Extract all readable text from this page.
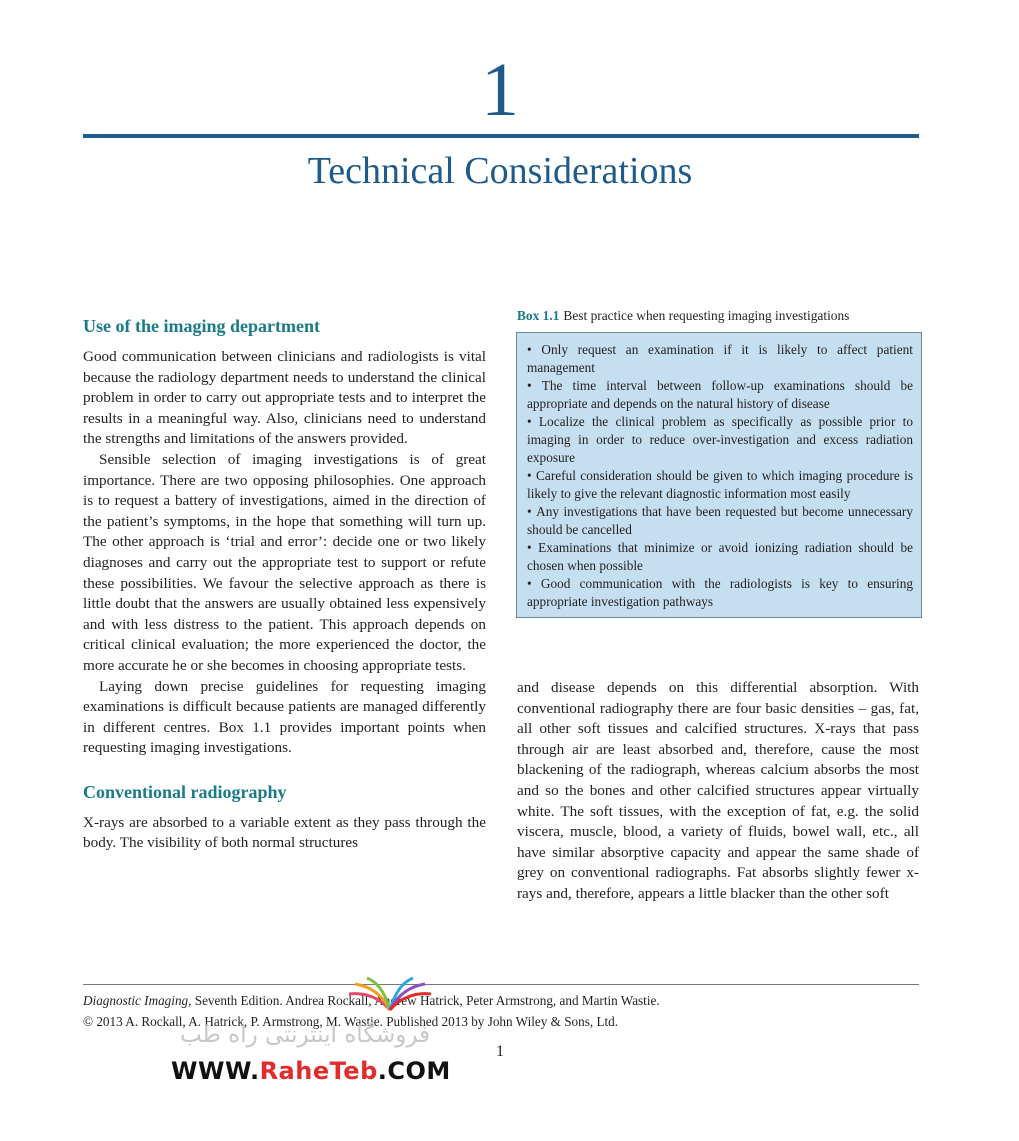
1
Technical Considerations
Use of the imaging department

Good communication between clinicians and radiologists is vital because the radiology department needs to understand the clinical problem in order to carry out appropriate tests and to interpret the results in a meaningful way. Also, clinicians need to understand the strengths and limitations of the answers provided.

Sensible selection of imaging investigations is of great importance. There are two opposing philosophies. One approach is to request a battery of investigations, aimed in the direction of the patient’s symptoms, in the hope that something will turn up. The other approach is ‘trial and error’: decide one or two likely diagnoses and carry out the appropriate test to support or refute these possibilities. We favour the selective approach as there is little doubt that the answers are usually obtained less expensively and with less distress to the patient. This approach depends on critical clinical evaluation; the more experienced the doctor, the more accurate he or she becomes in choosing appropriate tests.

Laying down precise guidelines for requesting imaging examinations is difficult because patients are managed differently in different centres. Box 1.1 provides important points when requesting imaging investigations.

Conventional radiography

X-rays are absorbed to a variable extent as they pass through the body. The visibility of both normal structures

Box 1.1 Best practice when requesting imaging investigations
• Only request an examination if it is likely to affect patient management
• The time interval between follow-up examinations should be appropriate and depends on the natural history of disease
• Localize the clinical problem as specifically as possible prior to imaging in order to reduce over-investigation and excess radiation exposure
• Careful consideration should be given to which imaging procedure is likely to give the relevant diagnostic information most easily
• Any investigations that have been requested but become unnecessary should be cancelled
• Examinations that minimize or avoid ionizing radiation should be chosen when possible
• Good communication with the radiologists is key to ensuring appropriate investigation pathways

and disease depends on this differential absorption. With conventional radiography there are four basic densities – gas, fat, all other soft tissues and calcified structures. X-rays that pass through air are least absorbed and, therefore, cause the most blackening of the radiograph, whereas calcium absorbs the most and so the bones and other calcified structures appear virtually white. The soft tissues, with the exception of fat, e.g. the solid viscera, muscle, blood, a variety of fluids, bowel wall, etc., all have similar absorptive capacity and appear the same shade of grey on conventional radiographs. Fat absorbs slightly fewer x-rays and, therefore, appears a little blacker than the other soft

Diagnostic Imaging, Seventh Edition. Andrea Rockall, Andrew Hatrick, Peter Armstrong, and Martin Wastie.
© 2013 A. Rockall, A. Hatrick, P. Armstrong, M. Wastie. Published 2013 by John Wiley & Sons, Ltd.
1
فروشگاه اینترنتی راه طب
WWW.RaheTeb.COM
